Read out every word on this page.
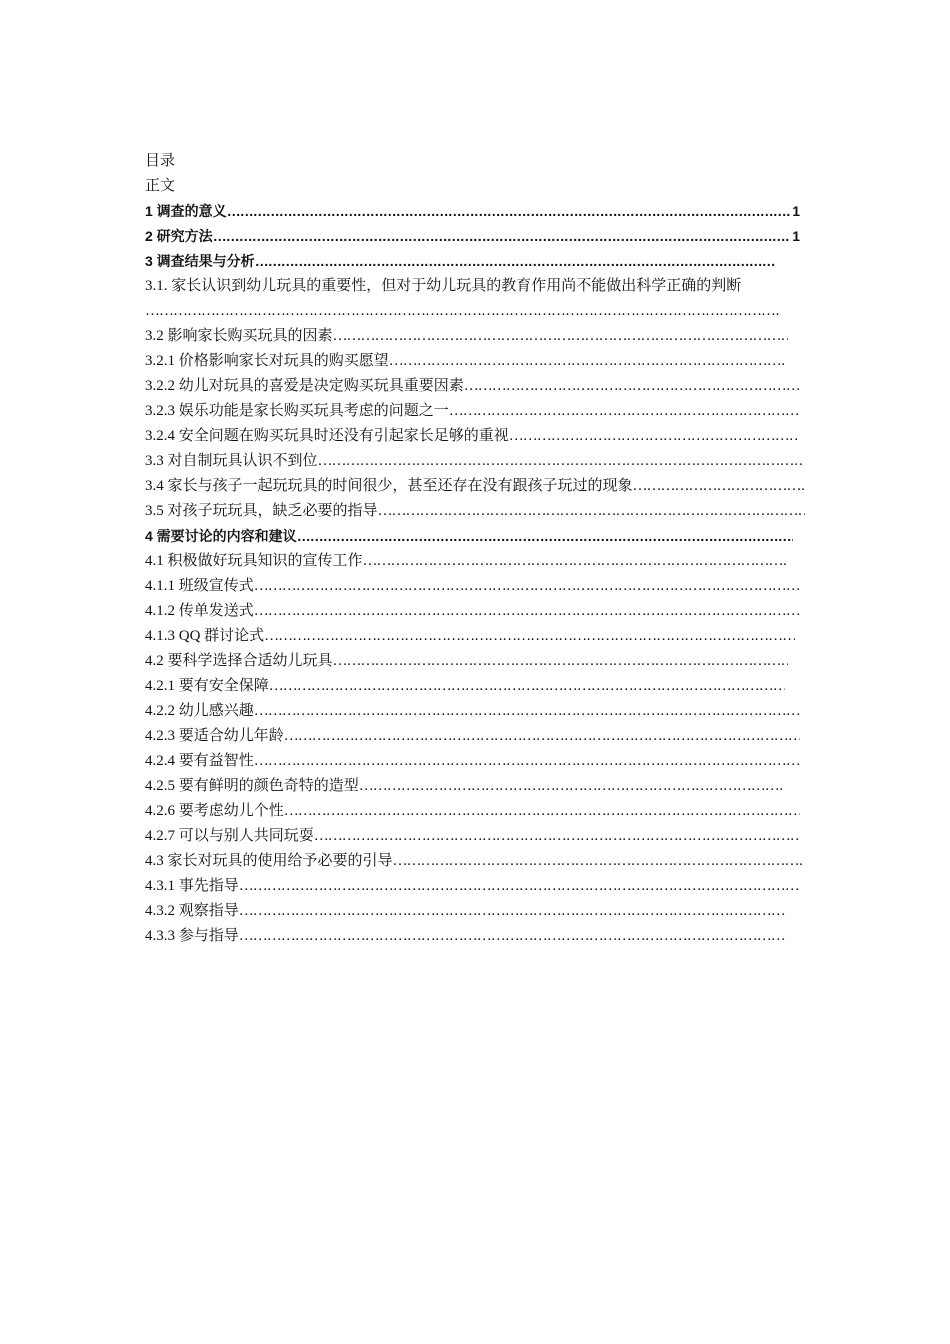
目录
正文
1 调查的意义 ………………………………………………………………………………………………………………………………………………………………………	1
2 研究方法 ………………………………………………………………………………………………………………………………………………………………………	1
3 调查结果与分析
………………………………………………………………………………………………………………………………………………………………………
3.1. 家长认识到幼儿玩具的重要性，但对于幼儿玩具的教育作用尚不能做出科学正确的判断
………………………………………………………………………………………………………………………………………………………………………
3.2 影响家长购买玩具的因素
………………………………………………………………………………………………………………………………………………………………………
3.2.1 价格影响家长对玩具的购买愿望
………………………………………………………………………………………………………………………………………………………………………
3.2.2 幼儿对玩具的喜爱是决定购买玩具重要因素
………………………………………………………………………………………………………………………………………………………………………
3.2.3 娱乐功能是家长购买玩具考虑的问题之一
………………………………………………………………………………………………………………………………………………………………………
3.2.4 安全问题在购买玩具时还没有引起家长足够的重视
………………………………………………………………………………………………………………………………………………………………………
3.3 对自制玩具认识不到位
………………………………………………………………………………………………………………………………………………………………………
3.4 家长与孩子一起玩玩具的时间很少，甚至还存在没有跟孩子玩过的现象
………………………………………………………………………………………………………………………………………………………………………
3.5 对孩子玩玩具，缺乏必要的指导
………………………………………………………………………………………………………………………………………………………………………
4 需要讨论的内容和建议
………………………………………………………………………………………………………………………………………………………………………
4.1 积极做好玩具知识的宣传工作
………………………………………………………………………………………………………………………………………………………………………
4.1.1 班级宣传式
………………………………………………………………………………………………………………………………………………………………………
4.1.2 传单发送式
………………………………………………………………………………………………………………………………………………………………………
4.1.3 QQ 群讨论式
………………………………………………………………………………………………………………………………………………………………………
4.2 要科学选择合适幼儿玩具
………………………………………………………………………………………………………………………………………………………………………
4.2.1 要有安全保障
………………………………………………………………………………………………………………………………………………………………………
4.2.2 幼儿感兴趣
………………………………………………………………………………………………………………………………………………………………………
4.2.3 要适合幼儿年龄
………………………………………………………………………………………………………………………………………………………………………
4.2.4 要有益智性
………………………………………………………………………………………………………………………………………………………………………
4.2.5 要有鲜明的颜色奇特的造型
………………………………………………………………………………………………………………………………………………………………………
4.2.6 要考虑幼儿个性
………………………………………………………………………………………………………………………………………………………………………
4.2.7 可以与别人共同玩耍
………………………………………………………………………………………………………………………………………………………………………
4.3 家长对玩具的使用给予必要的引导
………………………………………………………………………………………………………………………………………………………………………
4.3.1 事先指导
………………………………………………………………………………………………………………………………………………………………………
4.3.2 观察指导
………………………………………………………………………………………………………………………………………………………………………
4.3.3 参与指导
………………………………………………………………………………………………………………………………………………………………………
